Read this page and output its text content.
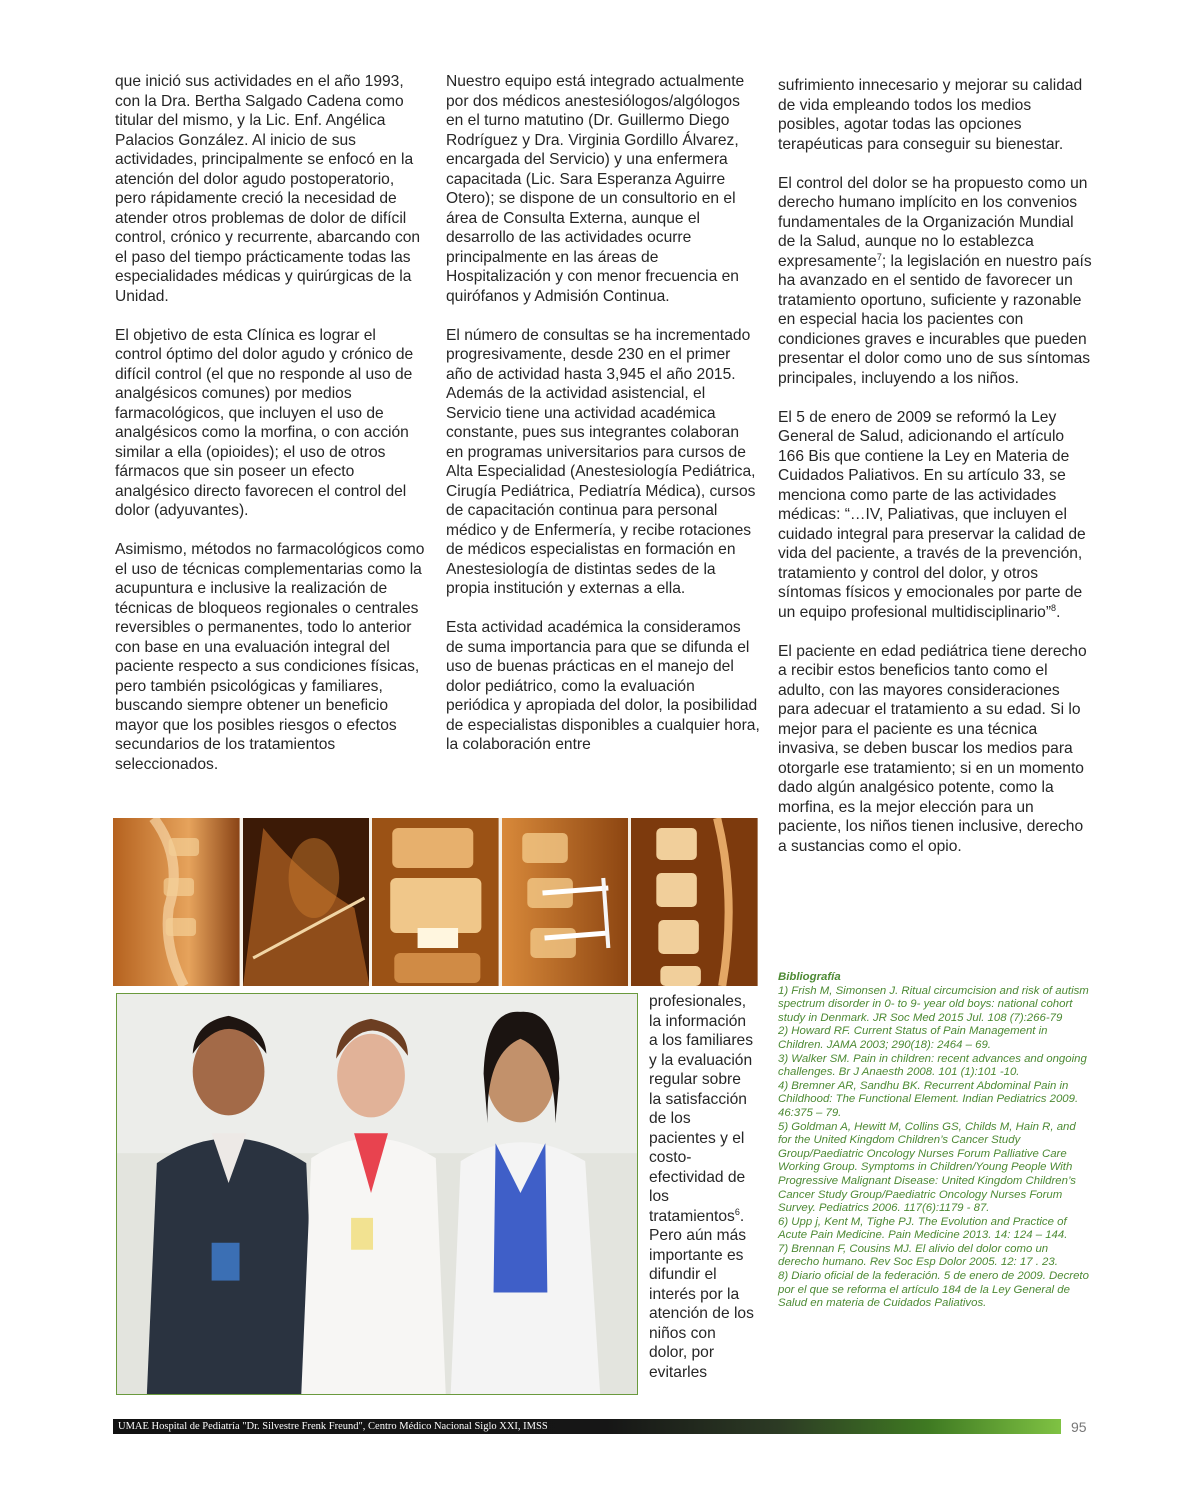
que inició sus actividades en el año 1993, con la Dra. Bertha Salgado Cadena como titular del mismo, y la Lic. Enf. Angélica Palacios González. Al inicio de sus actividades, principalmente se enfocó en la atención del dolor agudo postoperatorio, pero rápidamente creció la necesidad de atender otros problemas de dolor de difícil control, crónico y recurrente, abarcando con el paso del tiempo prácticamente todas las especialidades médicas y quirúrgicas de la Unidad.

El objetivo de esta Clínica es lograr el control óptimo del dolor agudo y crónico de difícil control (el que no responde al uso de analgésicos comunes) por medios farmacológicos, que incluyen el uso de analgésicos como la morfina, o con acción similar a ella (opioides); el uso de otros fármacos que sin poseer un efecto analgésico directo favorecen el control del dolor (adyuvantes).

Asimismo, métodos no farmacológicos como el uso de técnicas complementarias como la acupuntura e inclusive la realización de técnicas de bloqueos regionales o centrales reversibles o permanentes, todo lo anterior con base en una evaluación integral del paciente respecto a sus condiciones físicas, pero también psicológicas y familiares, buscando siempre obtener un beneficio mayor que los posibles riesgos o efectos secundarios de los tratamientos seleccionados.

Nuestro equipo está integrado actualmente por dos médicos anestesiólogos/algólogos en el turno matutino (Dr. Guillermo Diego Rodríguez y Dra. Virginia Gordillo Álvarez, encargada del Servicio) y una enfermera capacitada (Lic. Sara Esperanza Aguirre Otero); se dispone de un consultorio en el área de Consulta Externa, aunque el desarrollo de las actividades ocurre principalmente en las áreas de Hospitalización y con menor frecuencia en quirófanos y Admisión Continua.

El número de consultas se ha incrementado progresivamente, desde 230 en el primer año de actividad hasta 3,945 el año 2015. Además de la actividad asistencial, el Servicio tiene una actividad académica constante, pues sus integrantes colaboran en programas universitarios para cursos de Alta Especialidad (Anestesiología Pediátrica, Cirugía Pediátrica, Pediatría Médica), cursos de capacitación continua para personal médico y de Enfermería, y recibe rotaciones de médicos especialistas en formación en Anestesiología de distintas sedes de la propia institución y externas a ella.

Esta actividad académica la consideramos de suma importancia para que se difunda el uso de buenas prácticas en el manejo del dolor pediátrico, como la evaluación periódica y apropiada del dolor, la posibilidad de especialistas disponibles a cualquier hora, la colaboración entre

profesionales, la información a los familiares y la evaluación regular sobre la satisfacción de los pacientes y el costo-efectividad de los tratamientos$^6$. Pero aún más importante es difundir el interés por la atención de los niños con dolor, por evitarles

sufrimiento innecesario y mejorar su calidad de vida empleando todos los medios posibles, agotar todas las opciones terapéuticas para conseguir su bienestar.

El control del dolor se ha propuesto como un derecho humano implícito en los convenios fundamentales de la Organización Mundial de la Salud, aunque no lo establezca expresamente$^7$; la legislación en nuestro país ha avanzado en el sentido de favorecer un tratamiento oportuno, suficiente y razonable en especial hacia los pacientes con condiciones graves e incurables que pueden presentar el dolor como uno de sus síntomas principales, incluyendo a los niños.

El 5 de enero de 2009 se reformó la Ley General de Salud, adicionando el artículo 166 Bis que contiene la Ley en Materia de Cuidados Paliativos. En su artículo 33, se menciona como parte de las actividades médicas: “…IV, Paliativas, que incluyen el cuidado integral para preservar la calidad de vida del paciente, a través de la prevención, tratamiento y control del dolor, y otros síntomas físicos y emocionales por parte de un equipo profesional multidisciplinario”$^8$.

El paciente en edad pediátrica tiene derecho a recibir estos beneficios tanto como el adulto, con las mayores consideraciones para adecuar el tratamiento a su edad. Si lo mejor para el paciente es una técnica invasiva, se deben buscar los medios para otorgarle ese tratamiento; si en un momento dado algún analgésico potente, como la morfina, es la mejor elección para un paciente, los niños tienen inclusive, derecho a sustancias como el opio.

Bibliografía
1) Frish M, Simonsen J. Ritual circumcision and risk of autism spectrum disorder in 0- to 9- year old boys: national cohort study in Denmark. JR Soc Med 2015 Jul. 108 (7):266-79
2) Howard RF. Current Status of Pain Management in Children. JAMA 2003; 290(18): 2464 – 69.
3) Walker SM. Pain in children: recent advances and ongoing challenges. Br J Anaesth 2008. 101 (1):101 -10.
4) Bremner AR, Sandhu BK. Recurrent Abdominal Pain in Childhood: The Functional Element. Indian Pediatrics 2009. 46:375 – 79.
5) Goldman A, Hewitt M, Collins GS, Childs M, Hain R, and for the United Kingdom Children’s Cancer Study Group/Paediatric Oncology Nurses Forum Palliative Care Working Group. Symptoms in Children/Young People With Progressive Malignant Disease: United Kingdom Children’s Cancer Study Group/Paediatric Oncology Nurses Forum Survey. Pediatrics 2006. 117(6):1179 - 87.
6) Upp j, Kent M, Tighe PJ. The Evolution and Practice of Acute Pain Medicine. Pain Medicine 2013. 14: 124 – 144.
7) Brennan F, Cousins MJ. El alivio del dolor como un derecho humano. Rev Soc Esp Dolor 2005. 12: 17 . 23.
8) Diario oficial de la federación. 5 de enero de 2009. Decreto por el que se reforma el artículo 184 de la Ley General de Salud en materia de Cuidados Paliativos.
UMAE Hospital de Pediatría "Dr. Silvestre Frenk Freund", Centro Médico Nacional Siglo XXI, IMSS	95
